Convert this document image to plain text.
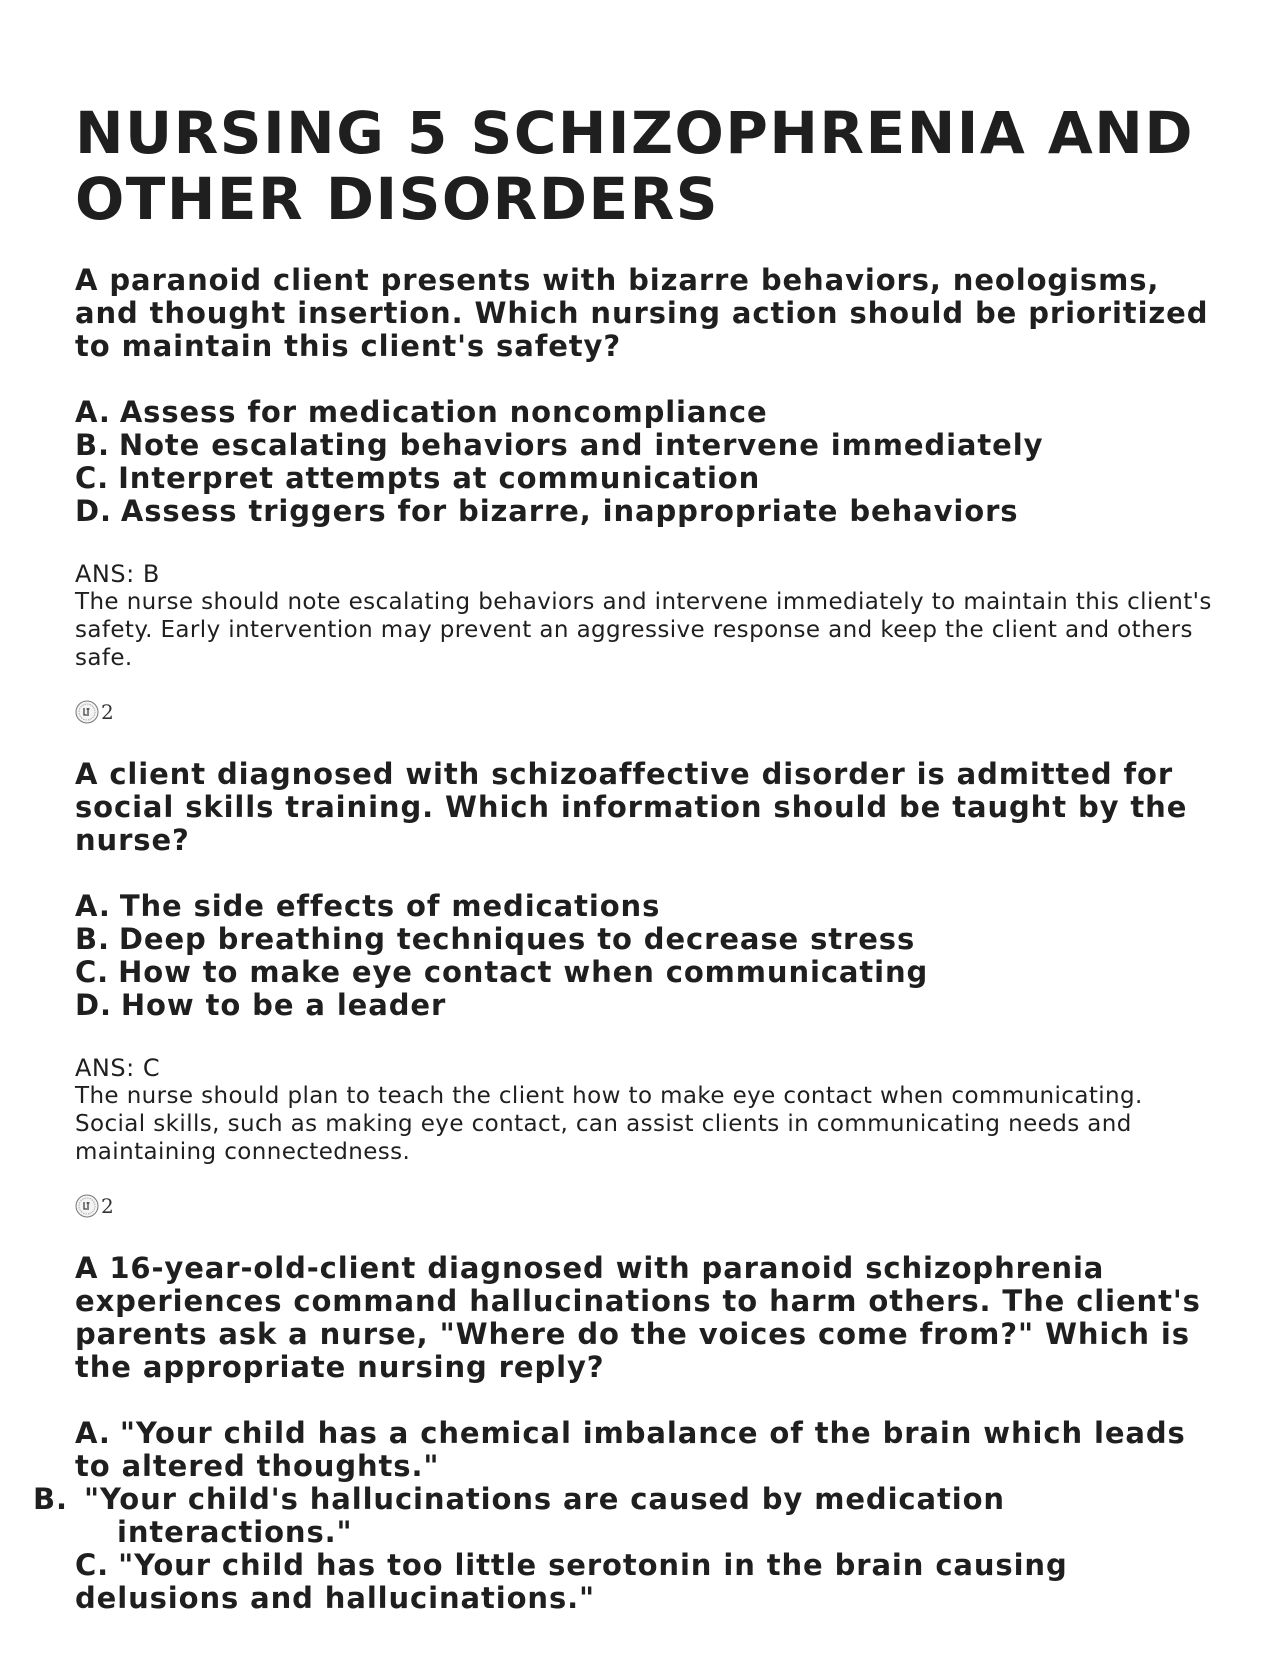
NURSING 5 SCHIZOPHRENIA AND OTHER DISORDERS

A paranoid client presents with bizarre behaviors, neologisms, and thought insertion. Which nursing action should be prioritized to maintain this client's safety?

A. Assess for medication noncompliance
B. Note escalating behaviors and intervene immediately
C. Interpret attempts at communication
D. Assess triggers for bizarre, inappropriate behaviors
ANS: B

The nurse should note escalating behaviors and intervene immediately to maintain this client's safety. Early intervention may prevent an aggressive response and keep the client and others safe.

2

A client diagnosed with schizoaffective disorder is admitted for social skills training. Which information should be taught by the nurse?

A. The side effects of medications
B. Deep breathing techniques to decrease stress
C. How to make eye contact when communicating
D. How to be a leader
ANS: C

The nurse should plan to teach the client how to make eye contact when communicating. Social skills, such as making eye contact, can assist clients in communicating needs and maintaining connectedness.

2

A 16-year-old-client diagnosed with paranoid schizophrenia experiences command hallucinations to harm others. The client's parents ask a nurse, "Where do the voices come from?" Which is the appropriate nursing reply?

A. "Your child has a chemical imbalance of the brain which leads to altered thoughts."
B. "Your child's hallucinations are caused by medication interactions."
C. "Your child has too little serotonin in the brain causing delusions and hallucinations."
